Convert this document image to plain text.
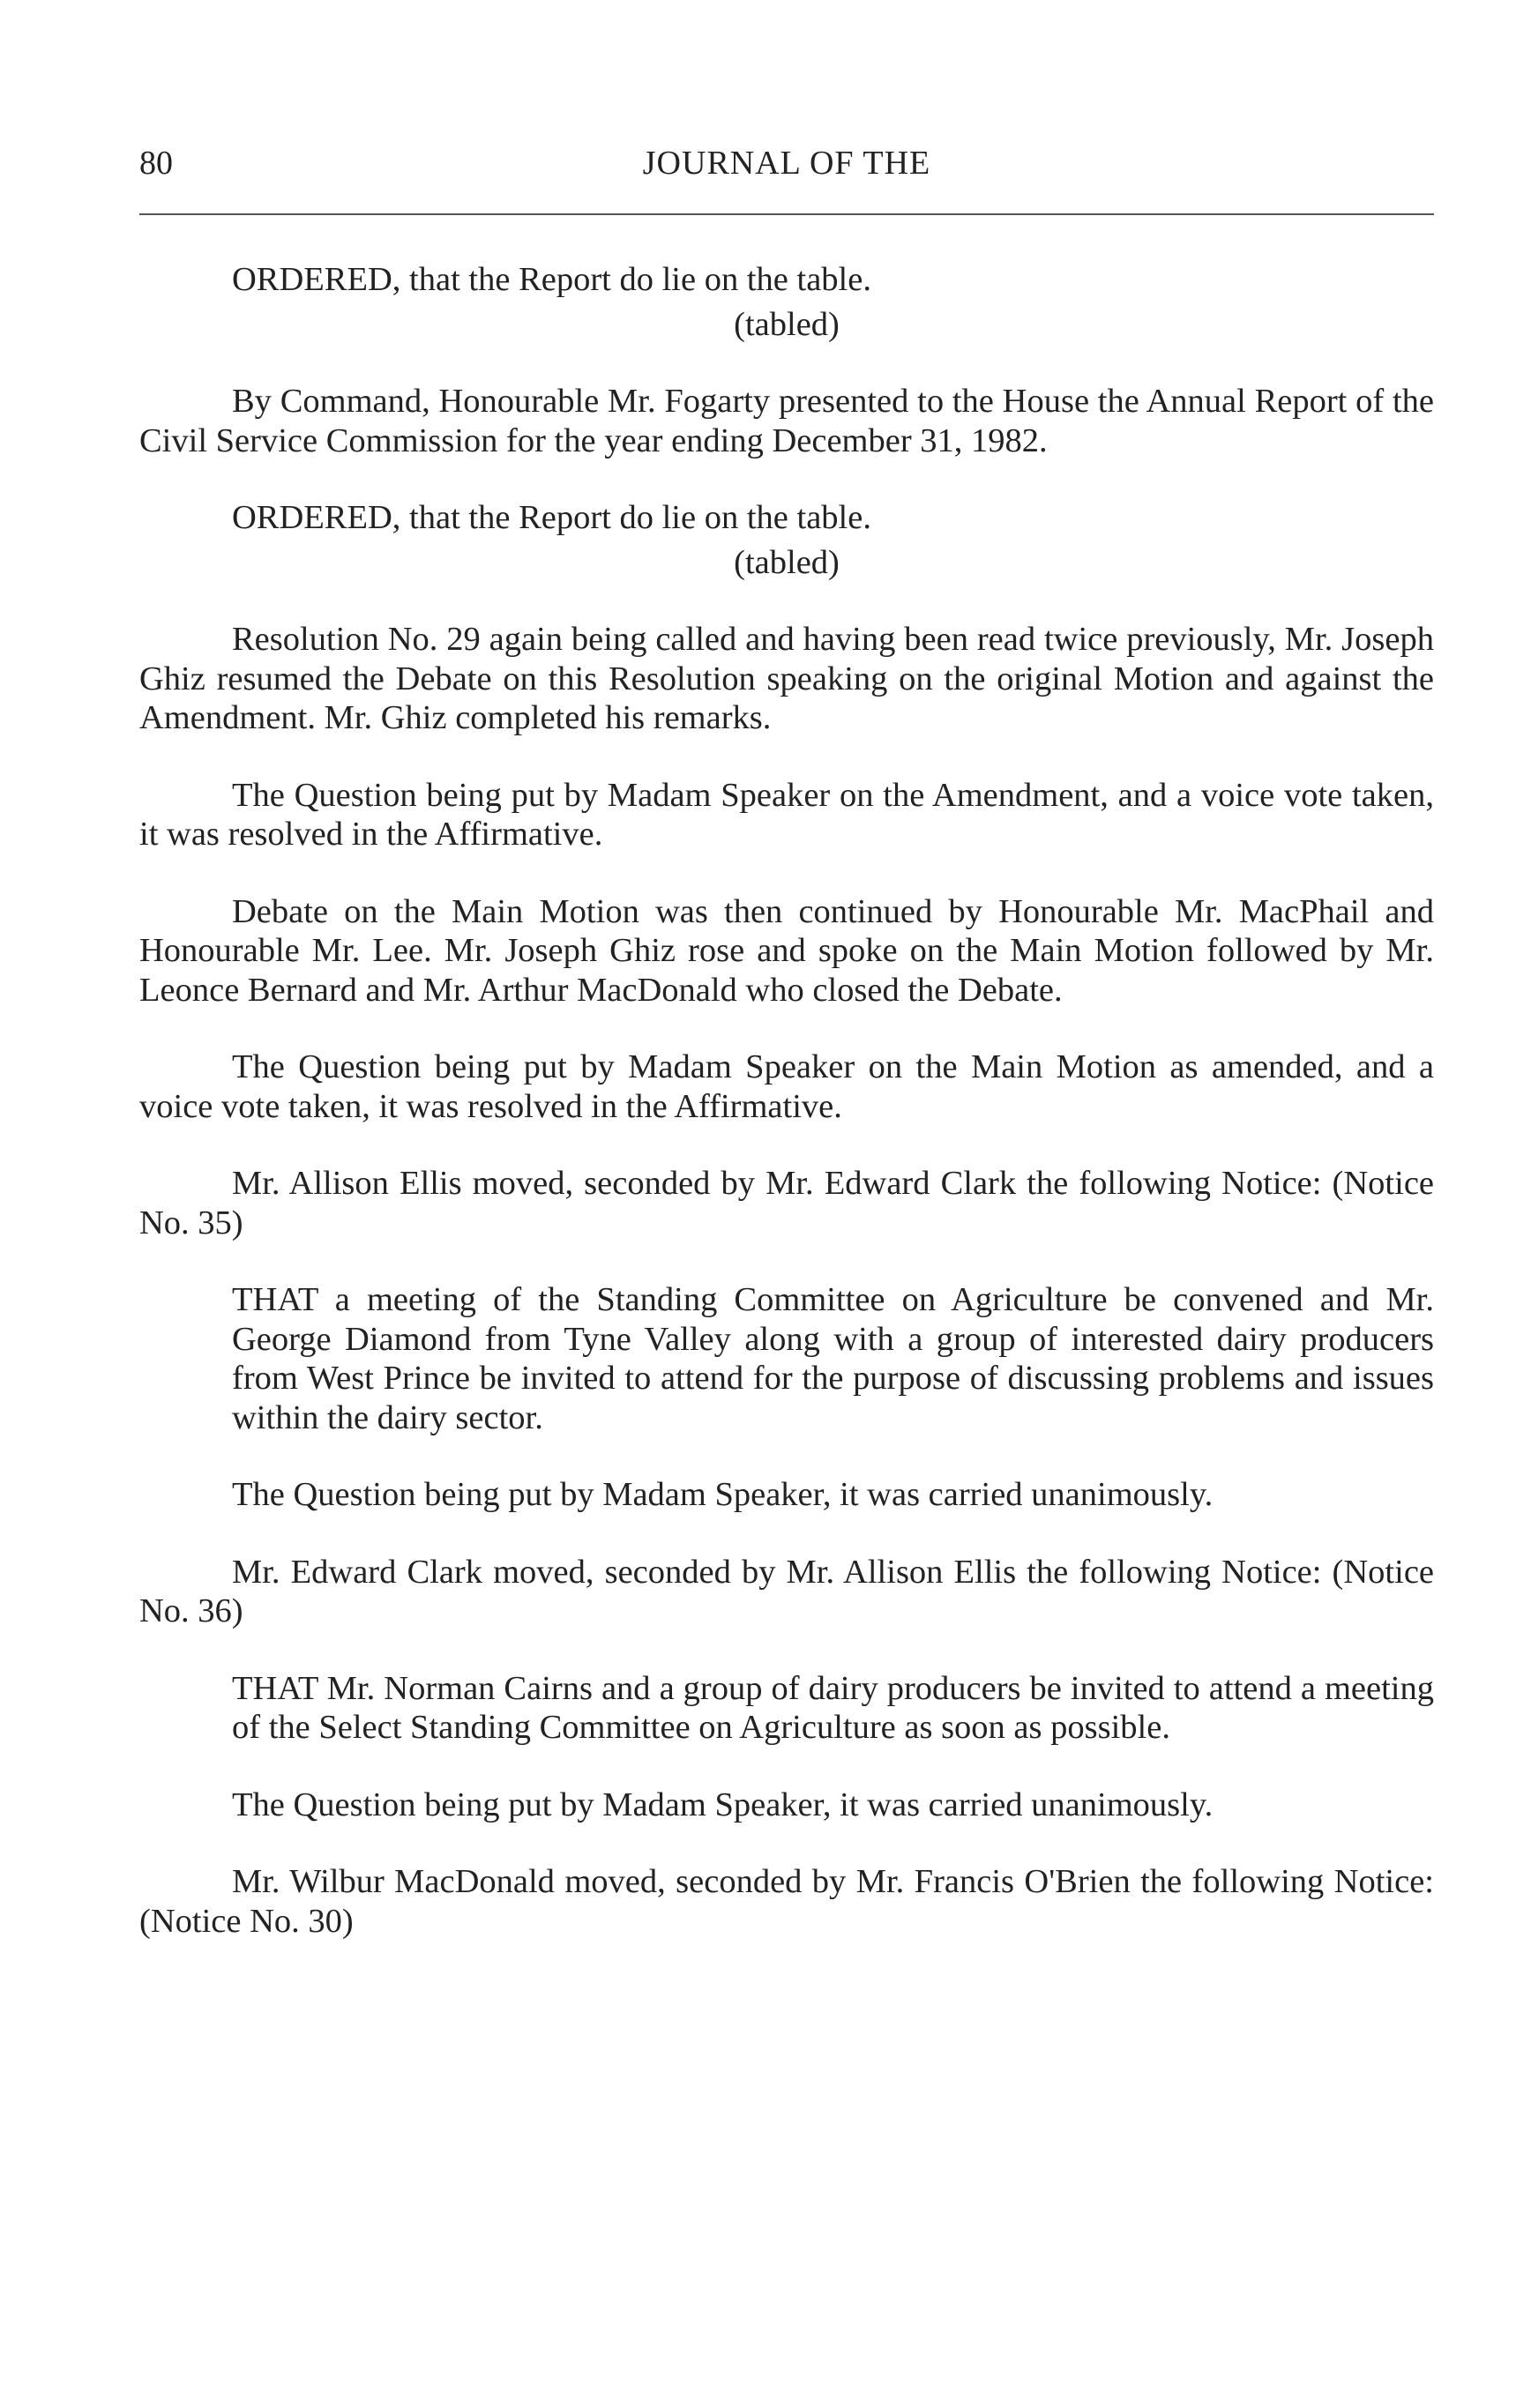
80	JOURNAL OF THE

ORDERED, that the Report do lie on the table.

(tabled)

By Command, Honourable Mr. Fogarty presented to the House the Annual Report of the Civil Service Commission for the year ending December 31, 1982.

ORDERED, that the Report do lie on the table.

(tabled)

Resolution No. 29 again being called and having been read twice previously, Mr. Joseph Ghiz resumed the Debate on this Resolution speaking on the original Motion and against the Amendment. Mr. Ghiz completed his remarks.

The Question being put by Madam Speaker on the Amendment, and a voice vote taken, it was resolved in the Affirmative.

Debate on the Main Motion was then continued by Honourable Mr. MacPhail and Honourable Mr. Lee. Mr. Joseph Ghiz rose and spoke on the Main Motion followed by Mr. Leonce Bernard and Mr. Arthur MacDonald who closed the Debate.

The Question being put by Madam Speaker on the Main Motion as amended, and a voice vote taken, it was resolved in the Affirmative.

Mr. Allison Ellis moved, seconded by Mr. Edward Clark the following Notice: (Notice No. 35)

THAT a meeting of the Standing Committee on Agriculture be convened and Mr. George Diamond from Tyne Valley along with a group of interested dairy producers from West Prince be invited to attend for the purpose of discussing problems and issues within the dairy sector.

The Question being put by Madam Speaker, it was carried unanimously.

Mr. Edward Clark moved, seconded by Mr. Allison Ellis the following Notice: (Notice No. 36)

THAT Mr. Norman Cairns and a group of dairy producers be invited to attend a meeting of the Select Standing Committee on Agriculture as soon as possible.

The Question being put by Madam Speaker, it was carried unanimously.

Mr. Wilbur MacDonald moved, seconded by Mr. Francis O'Brien the following Notice: (Notice No. 30)
